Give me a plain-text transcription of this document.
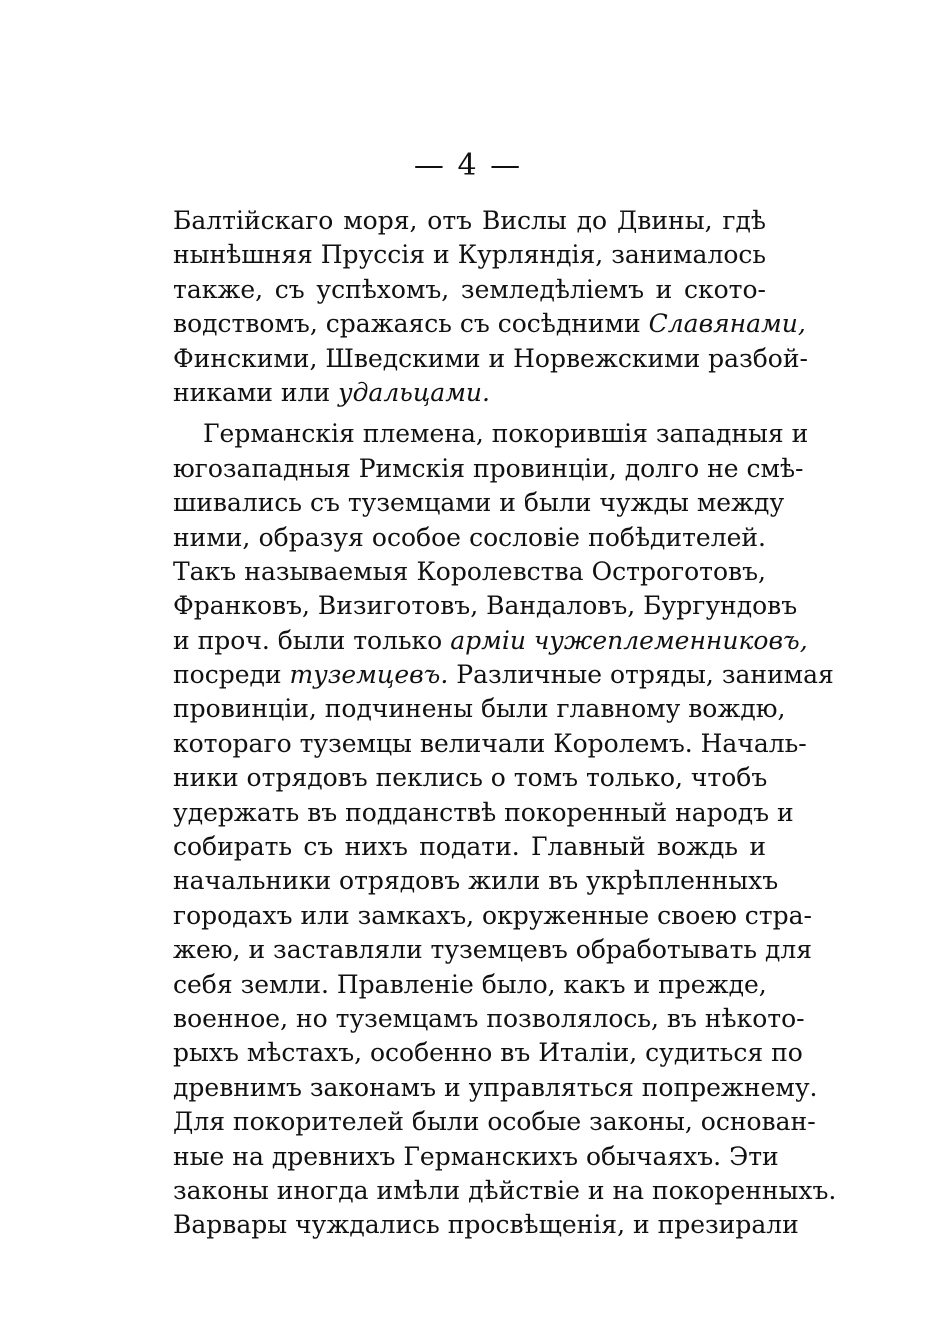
— 4 —
Балтійскаго моря, отъ Вислы до Двины, гдѣ
нынѣшняя Пруссія и Курляндія, занималось
также, съ успѣхомъ, земледѣліемъ и ското-
водствомъ, сражаясь съ сосѣдними Славянами,
Финскими, Шведскими и Норвежскими разбой-
никами или удальцами.
Германскія племена, покорившія западныя и
югозападныя Римскія провинціи, долго не смѣ-
шивались съ туземцами и были чужды между
ними, образуя особое сословіе побѣдителей.
Такъ называемыя Королевства Остроготовъ,
Франковъ, Визиготовъ, Вандаловъ, Бургундовъ
и проч. были только арміи чужеплеменниковъ,
посреди туземцевъ. Различные отряды, занимая
провинціи, подчинены были главному вождю,
котораго туземцы величали Королемъ. Началь-
ники отрядовъ пеклись о томъ только, чтобъ
удержать въ подданствѣ покоренный народъ и
собирать съ нихъ подати. Главный вождь и
начальники отрядовъ жили въ укрѣпленныхъ
городахъ или замкахъ, окруженные своею стра-
жею, и заставляли туземцевъ обработывать для
себя земли. Правленіе было, какъ и прежде,
военное, но туземцамъ позволялось, въ нѣкото-
рыхъ мѣстахъ, особенно въ Италіи, судиться по
древнимъ законамъ и управляться попрежнему.
Для покорителей были особые законы, основан-
ные на древнихъ Германскихъ обычаяхъ. Эти
законы иногда имѣли дѣйствіе и на покоренныхъ.
Варвары чуждались просвѣщенія, и презирали
